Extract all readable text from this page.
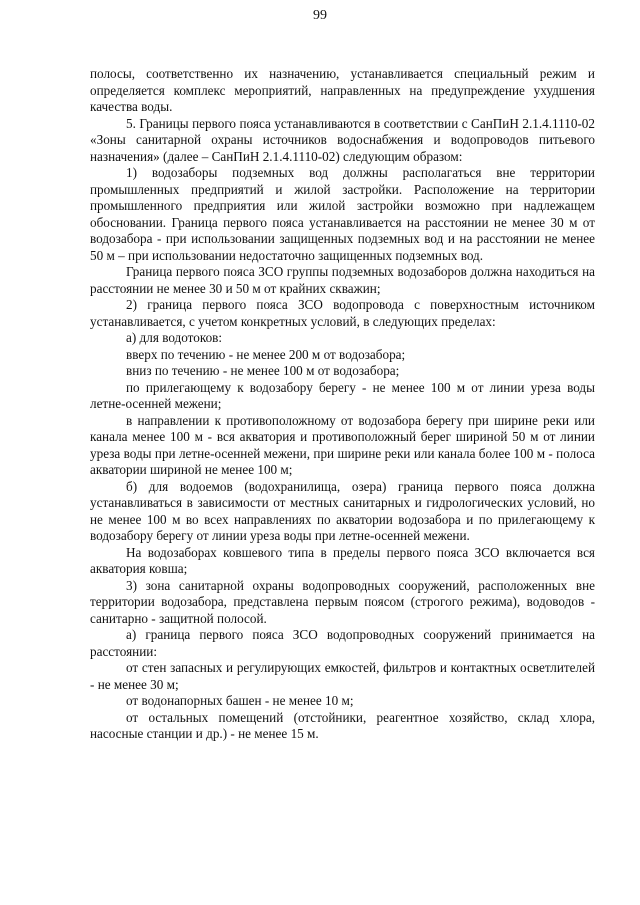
99

полосы, соответственно их назначению, устанавливается специальный режим и определяется комплекс мероприятий, направленных на предупреждение ухудшения качества воды.

5. Границы первого пояса устанавливаются в соответствии с СанПиН 2.1.4.1110-02 «Зоны санитарной охраны источников водоснабжения и водопроводов питьевого назначения» (далее – СанПиН 2.1.4.1110-02) следующим образом:

1) водозаборы подземных вод должны располагаться вне территории промышленных предприятий и жилой застройки. Расположение на территории промышленного предприятия или жилой застройки возможно при надлежащем обосновании. Граница первого пояса устанавливается на расстоянии не менее 30 м от водозабора - при использовании защищенных подземных вод и на расстоянии не менее 50 м – при использовании недостаточно защищенных подземных вод.

Граница первого пояса ЗСО группы подземных водозаборов должна находиться на расстоянии не менее 30 и 50 м от крайних скважин;

2) граница первого пояса ЗСО водопровода с поверхностным источником устанавливается, с учетом конкретных условий, в следующих пределах:

а) для водотоков:

вверх по течению - не менее 200 м от водозабора;

вниз по течению - не менее 100 м от водозабора;

по прилегающему к водозабору берегу - не менее 100 м от линии уреза воды летне-осенней межени;

в направлении к противоположному от водозабора берегу при ширине реки или канала менее 100 м - вся акватория и противоположный берег шириной 50 м от линии уреза воды при летне-осенней межени, при ширине реки или канала более 100 м - полоса акватории шириной не менее 100 м;

б) для водоемов (водохранилища, озера) граница первого пояса должна устанавливаться в зависимости от местных санитарных и гидрологических условий, но не менее 100 м во всех направлениях по акватории водозабора и по прилегающему к водозабору берегу от линии уреза воды при летне-осенней межени.

На водозаборах ковшевого типа в пределы первого пояса ЗСО включается вся акватория ковша;

3) зона санитарной охраны водопроводных сооружений, расположенных вне территории водозабора, представлена первым поясом (строгого режима), водоводов - санитарно - защитной полосой.

а) граница первого пояса ЗСО водопроводных сооружений принимается на расстоянии:

от стен запасных и регулирующих емкостей, фильтров и контактных осветлителей - не менее 30 м;

от водонапорных башен - не менее 10 м;

от остальных помещений (отстойники, реагентное хозяйство, склад хлора, насосные станции и др.) - не менее 15 м.
